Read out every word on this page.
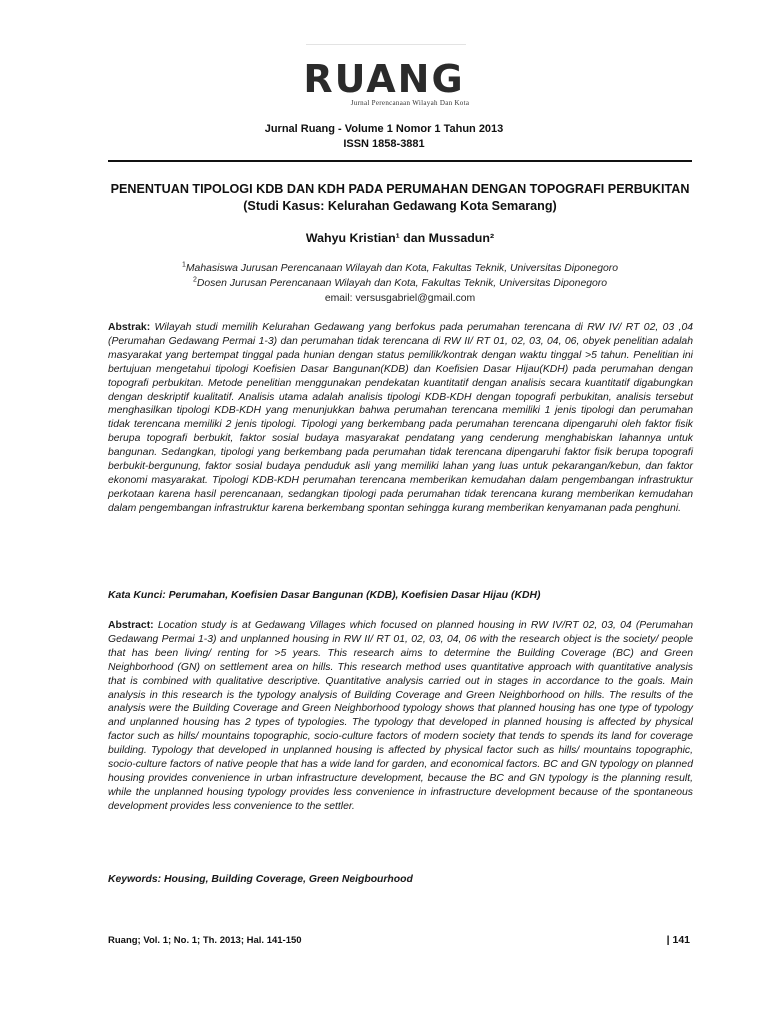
RUANG
Jurnal Perencanaan Wilayah Dan Kota
Jurnal Ruang - Volume 1 Nomor 1 Tahun 2013
ISSN 1858-3881
PENENTUAN TIPOLOGI KDB DAN KDH PADA PERUMAHAN DENGAN TOPOGRAFI PERBUKITAN
(Studi Kasus: Kelurahan Gedawang Kota Semarang)
Wahyu Kristian¹ dan Mussadun²
$^1$Mahasiswa Jurusan Perencanaan Wilayah dan Kota, Fakultas Teknik, Universitas Diponegoro
$^2$Dosen Jurusan Perencanaan Wilayah dan Kota, Fakultas Teknik, Universitas Diponegoro
email: versusgabriel@gmail.com
Abstrak: Wilayah studi memilih Kelurahan Gedawang yang berfokus pada perumahan terencana di RW IV/ RT 02, 03 ,04 (Perumahan Gedawang Permai 1-3) dan perumahan tidak terencana di RW II/ RT 01, 02, 03, 04, 06, obyek penelitian adalah masyarakat yang bertempat tinggal pada hunian dengan status pemilik/kontrak dengan waktu tinggal >5 tahun. Penelitian ini bertujuan mengetahui tipologi Koefisien Dasar Bangunan(KDB) dan Koefisien Dasar Hijau(KDH) pada perumahan dengan topografi perbukitan. Metode penelitian menggunakan pendekatan kuantitatif dengan analisis secara kuantitatif digabungkan dengan deskriptif kualitatif. Analisis utama adalah analisis tipologi KDB-KDH dengan topografi perbukitan, analisis tersebut menghasilkan tipologi KDB-KDH yang menunjukkan bahwa perumahan terencana memiliki 1 jenis tipologi dan perumahan tidak terencana memiliki 2 jenis tipologi. Tipologi yang berkembang pada perumahan terencana dipengaruhi oleh faktor fisik berupa topografi berbukit, faktor sosial budaya masyarakat pendatang yang cenderung menghabiskan lahannya untuk bangunan. Sedangkan, tipologi yang berkembang pada perumahan tidak terencana dipengaruhi faktor fisik berupa topografi berbukit-bergunung, faktor sosial budaya penduduk asli yang memiliki lahan yang luas untuk pekarangan/kebun, dan faktor ekonomi masyarakat. Tipologi KDB-KDH perumahan terencana memberikan kemudahan dalam pengembangan infrastruktur perkotaan karena hasil perencanaan, sedangkan tipologi pada perumahan tidak terencana kurang memberikan kemudahan dalam pengembangan infrastruktur karena berkembang spontan sehingga kurang memberikan kenyamanan pada penghuni.
Kata Kunci: Perumahan, Koefisien Dasar Bangunan (KDB), Koefisien Dasar Hijau (KDH)
Abstract: Location study is at Gedawang Villages which focused on planned housing in RW IV/RT 02, 03, 04 (Perumahan Gedawang Permai 1-3) and unplanned housing in RW II/ RT 01, 02, 03, 04, 06 with the research object is the society/ people that has been living/ renting for >5 years. This research aims to determine the Building Coverage (BC) and Green Neighborhood (GN) on settlement area on hills. This research method uses quantitative approach with quantitative analysis that is combined with qualitative descriptive. Quantitative analysis carried out in stages in accordance to the goals. Main analysis in this research is the typology analysis of Building Coverage and Green Neighborhood on hills. The results of the analysis were the Building Coverage and Green Neighborhood typology shows that planned housing has one type of typology and unplanned housing has 2 types of typologies. The typology that developed in planned housing is affected by physical factor such as hills/ mountains topographic, socio-culture factors of modern society that tends to spends its land for coverage building. Typology that developed in unplanned housing is affected by physical factor such as hills/ mountains topographic, socio-culture factors of native people that has a wide land for garden, and economical factors. BC and GN typology on planned housing provides convenience in urban infrastructure development, because the BC and GN typology is the planning result, while the unplanned housing typology provides less convenience in infrastructure development because of the spontaneous development provides less convenience to the settler.
Keywords: Housing, Building Coverage, Green Neigbourhood
Ruang; Vol. 1; No. 1; Th. 2013; Hal. 141-150	| 141
